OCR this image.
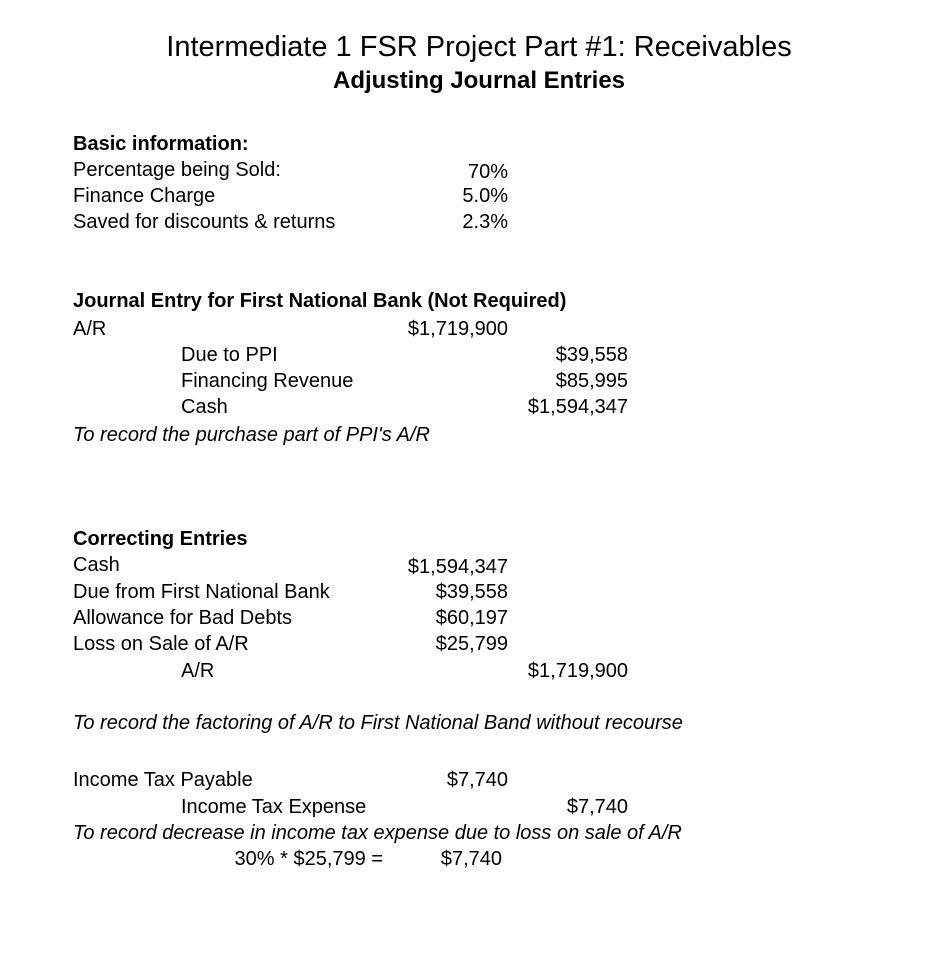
Intermediate 1 FSR Project Part #1: Receivables
Adjusting Journal Entries
Basic information:
Percentage being Sold:	70%
Finance Charge	5.0%
Saved for discounts & returns	2.3%
Journal Entry for First National Bank (Not Required)
A/R	$1,719,900
Due to PPI	$39,558
Financing Revenue	$85,995
Cash	$1,594,347
To record the purchase part of PPI's A/R
Correcting Entries
Cash	$1,594,347
Due from First National Bank	$39,558
Allowance for Bad Debts	$60,197
Loss on Sale of A/R	$25,799
A/R	$1,719,900
To record the factoring of A/R to First National Band without recourse
Income Tax Payable	$7,740
Income Tax Expense	$7,740
To record decrease in income tax expense due to loss on sale of A/R
30% * $25,799 =	$7,740
